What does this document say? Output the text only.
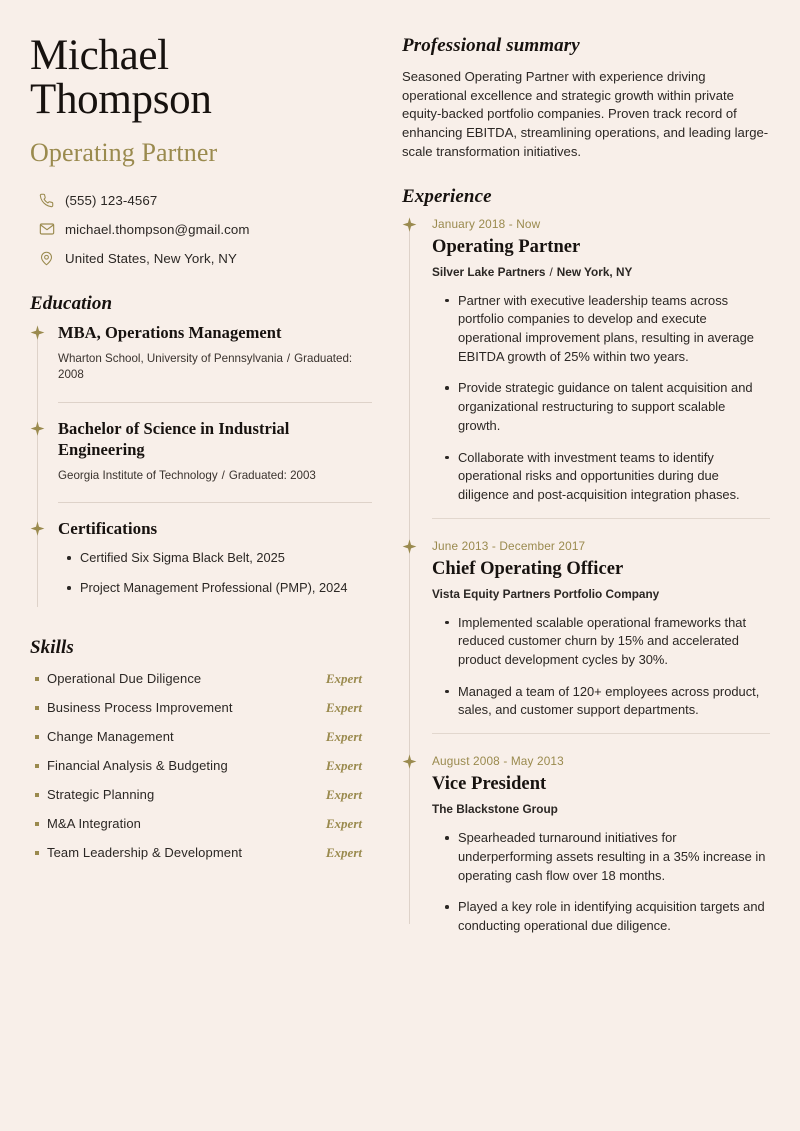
Michael
Thompson
Operating Partner
(555) 123-4567
michael.thompson@gmail.com
United States, New York, NY
Education
MBA, Operations Management
Wharton School, University of Pennsylvania / Graduated: 2008
Bachelor of Science in Industrial Engineering
Georgia Institute of Technology / Graduated: 2003
Certifications
Certified Six Sigma Black Belt, 2025
Project Management Professional (PMP), 2024
Skills
Operational Due Diligence	Expert
Business Process Improvement	Expert
Change Management	Expert
Financial Analysis & Budgeting	Expert
Strategic Planning	Expert
M&A Integration	Expert
Team Leadership & Development	Expert
Professional summary
Seasoned Operating Partner with experience driving operational excellence and strategic growth within private equity-backed portfolio companies. Proven track record of enhancing EBITDA, streamlining operations, and leading large-scale transformation initiatives.
Experience
January 2018 - Now
Operating Partner
Silver Lake Partners / New York, NY
Partner with executive leadership teams across portfolio companies to develop and execute operational improvement plans, resulting in average EBITDA growth of 25% within two years.
Provide strategic guidance on talent acquisition and organizational restructuring to support scalable growth.
Collaborate with investment teams to identify operational risks and opportunities during due diligence and post-acquisition integration phases.
June 2013 - December 2017
Chief Operating Officer
Vista Equity Partners Portfolio Company
Implemented scalable operational frameworks that reduced customer churn by 15% and accelerated product development cycles by 30%.
Managed a team of 120+ employees across product, sales, and customer support departments.
August 2008 - May 2013
Vice President
The Blackstone Group
Spearheaded turnaround initiatives for underperforming assets resulting in a 35% increase in operating cash flow over 18 months.
Played a key role in identifying acquisition targets and conducting operational due diligence.
